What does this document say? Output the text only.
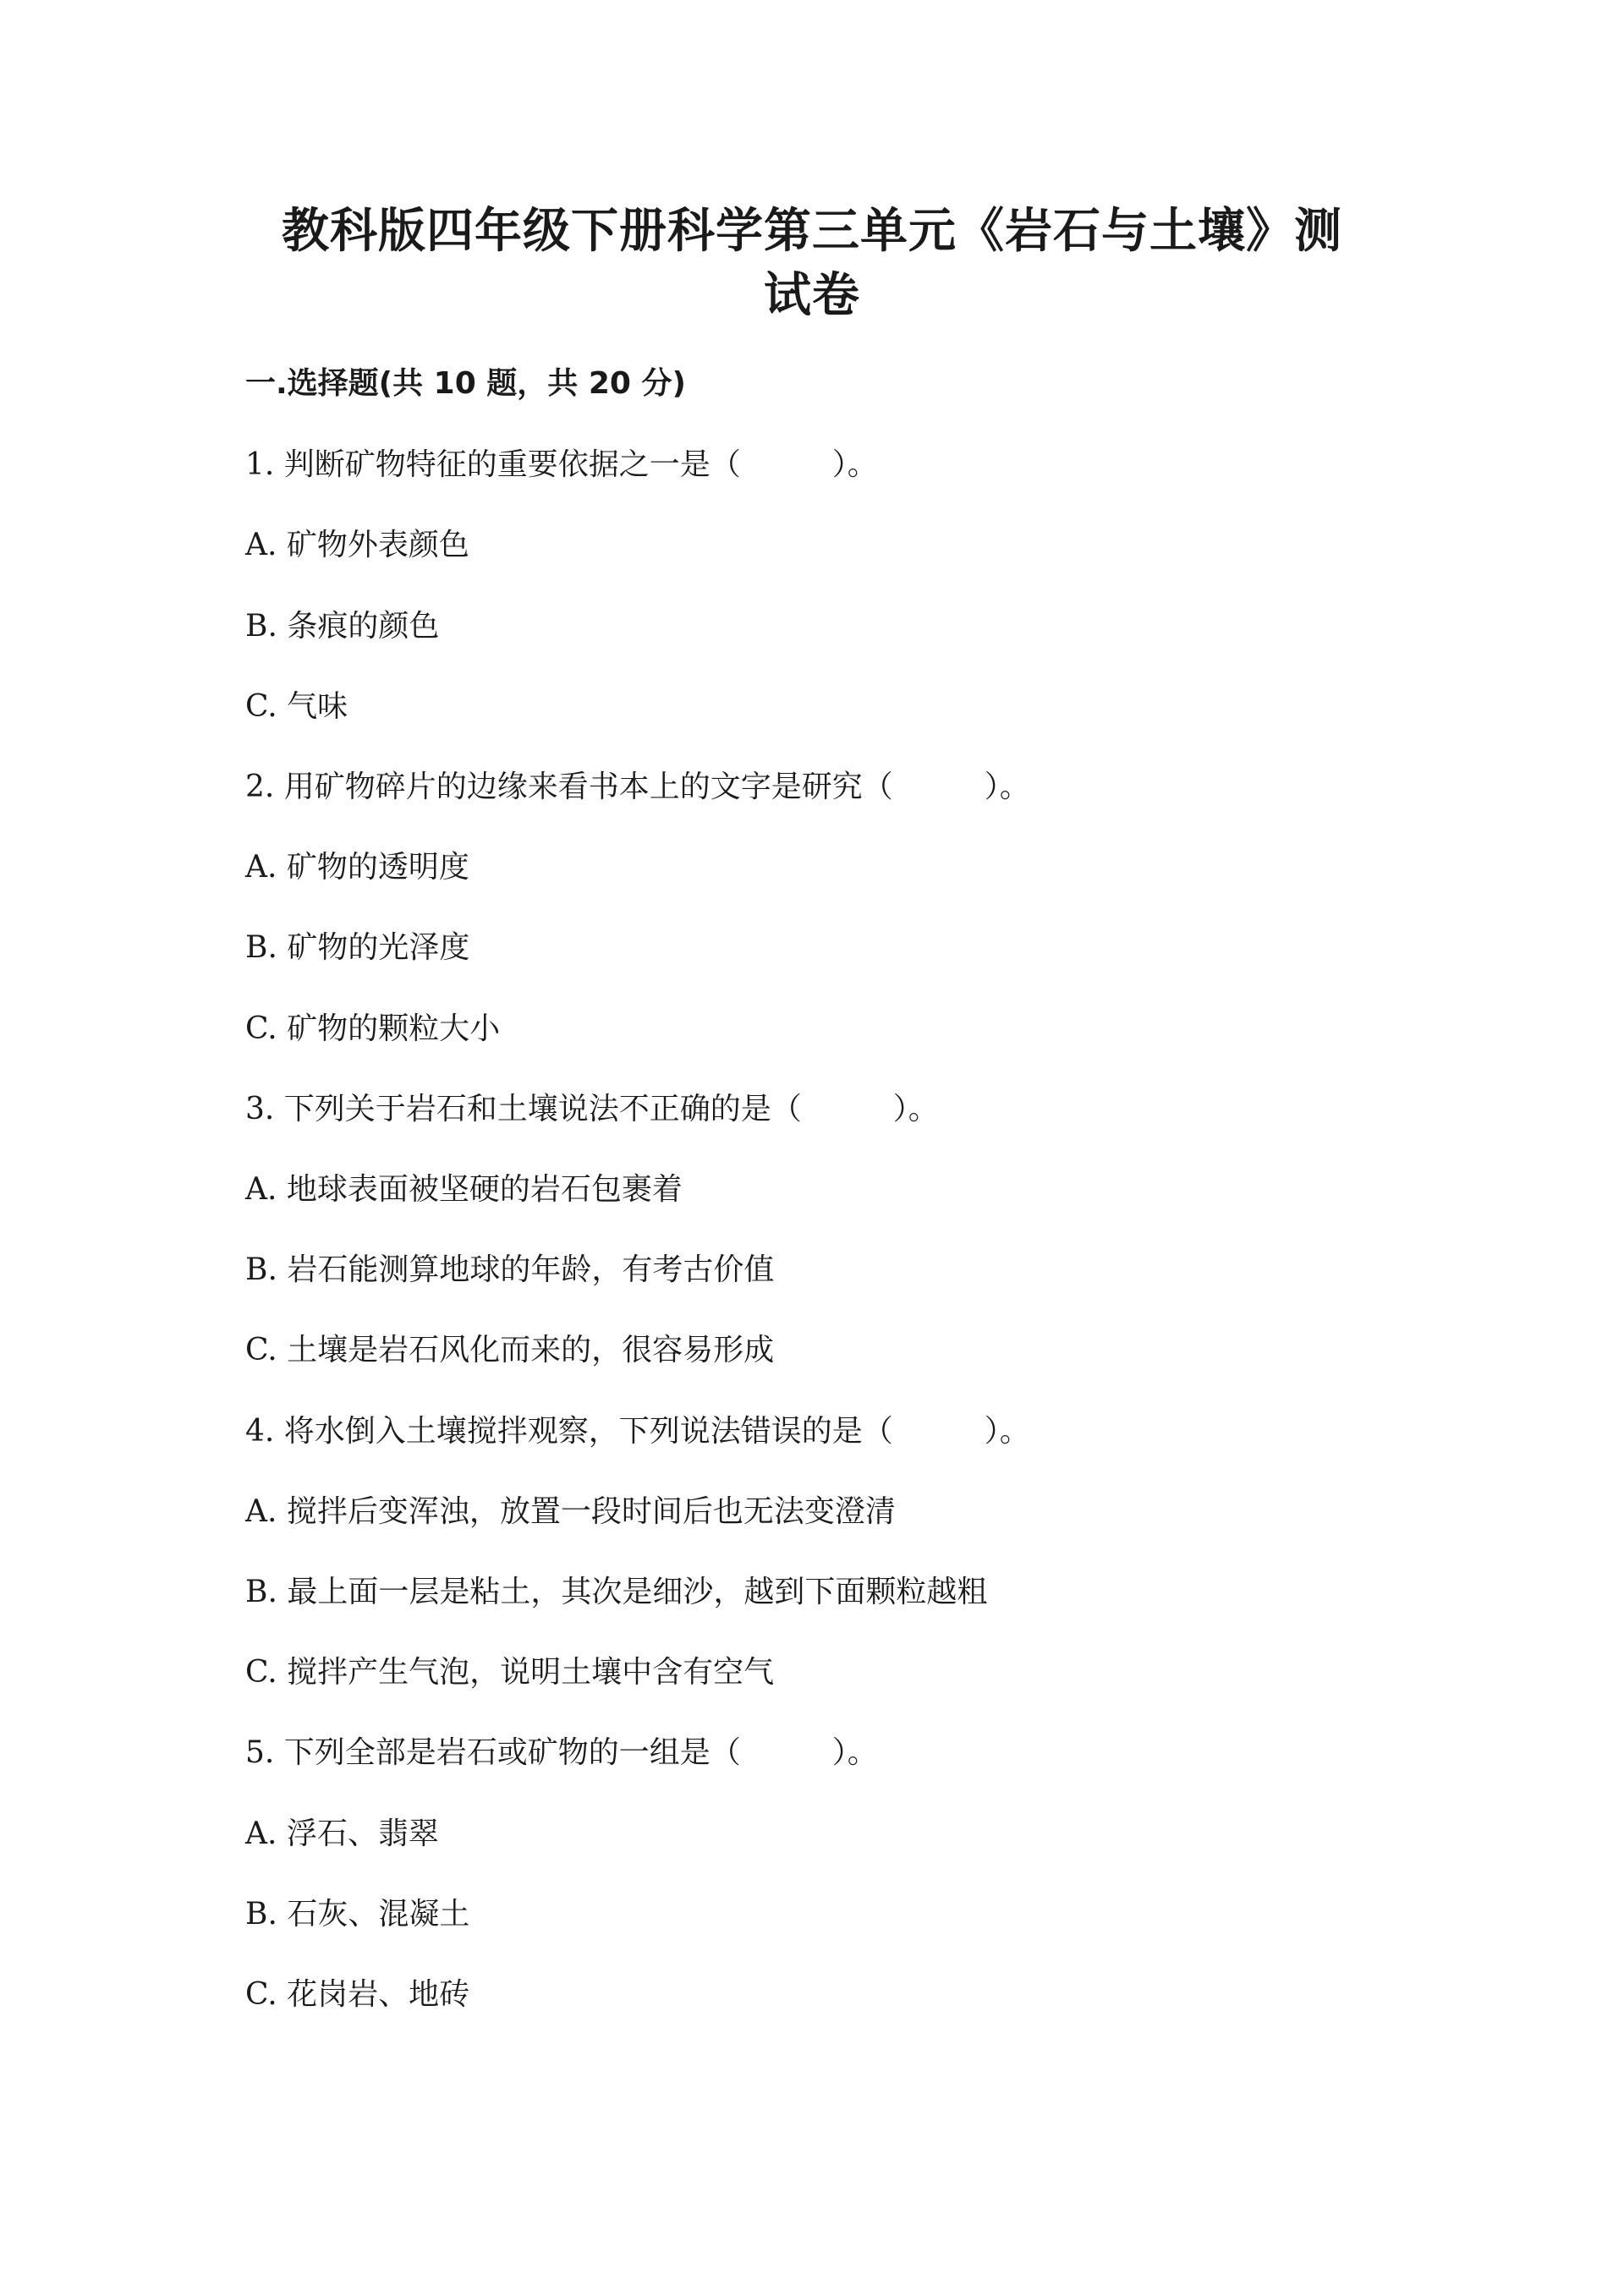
教科版四年级下册科学第三单元《岩石与土壤》测
试卷
一.选择题(共 10 题，共 20 分)
1. 判断矿物特征的重要依据之一是（　　　）。
A. 矿物外表颜色
B. 条痕的颜色
C. 气味
2. 用矿物碎片的边缘来看书本上的文字是研究（　　　）。
A. 矿物的透明度
B. 矿物的光泽度
C. 矿物的颗粒大小
3. 下列关于岩石和土壤说法不正确的是（　　　）。
A. 地球表面被坚硬的岩石包裹着
B. 岩石能测算地球的年龄，有考古价值
C. 土壤是岩石风化而来的，很容易形成
4. 将水倒入土壤搅拌观察，下列说法错误的是（　　　）。
A. 搅拌后变浑浊，放置一段时间后也无法变澄清
B. 最上面一层是粘土，其次是细沙，越到下面颗粒越粗
C. 搅拌产生气泡，说明土壤中含有空气
5. 下列全部是岩石或矿物的一组是（　　　）。
A. 浮石、翡翠
B. 石灰、混凝土
C. 花岗岩、地砖
